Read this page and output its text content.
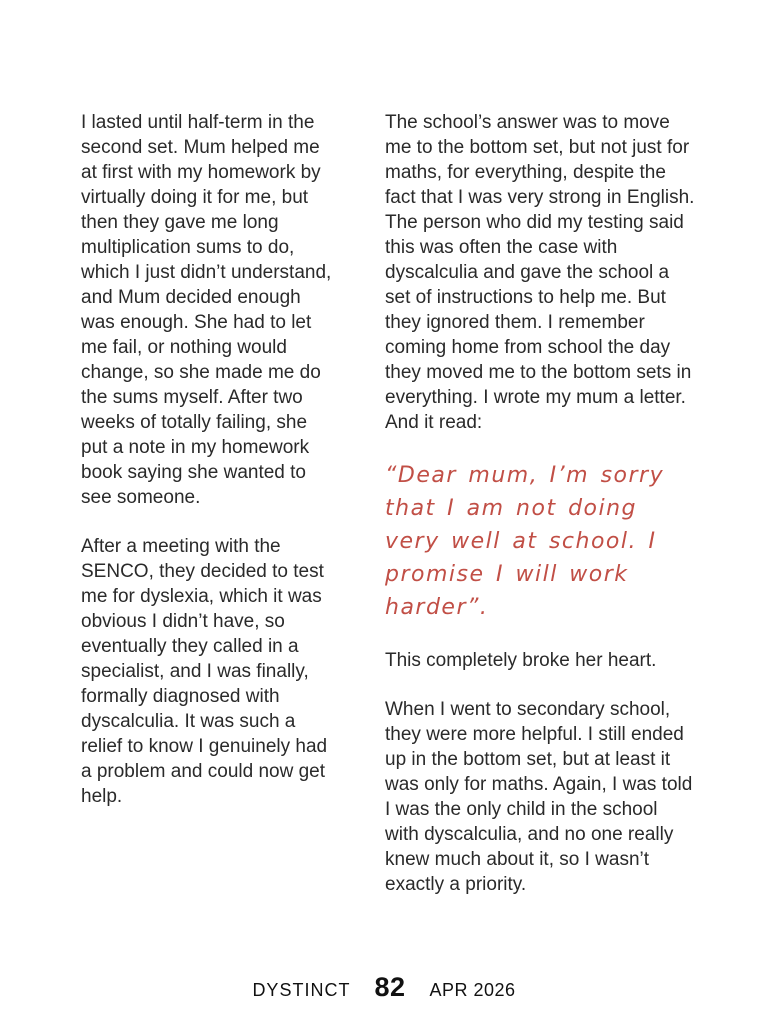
I lasted until half-term in the second set. Mum helped me at first with my homework by virtually doing it for me, but then they gave me long multiplication sums to do, which I just didn’t understand, and Mum decided enough was enough. She had to let me fail, or nothing would change, so she made me do the sums myself. After two weeks of totally failing, she put a note in my homework book saying she wanted to see someone.

After a meeting with the SENCO, they decided to test me for dyslexia, which it was obvious I didn’t have, so eventually they called in a specialist, and I was finally, formally diagnosed with dyscalculia. It was such a relief to know I genuinely had a problem and could now get help.

The school’s answer was to move me to the bottom set, but not just for maths, for everything, despite the fact that I was very strong in English. The person who did my testing said this was often the case with dyscalculia and gave the school a set of instructions to help me. But they ignored them. I remember coming home from school the day they moved me to the bottom sets in everything. I wrote my mum a letter. And it read:

“Dear mum, I’m sorry that I am not doing very well at school. I promise I will work harder”.

This completely broke her heart.

When I went to secondary school, they were more helpful. I still ended up in the bottom set, but at least it was only for maths. Again, I was told I was the only child in the school with dyscalculia, and no one really knew much about it, so I wasn’t exactly a priority.

DYSTINCT 82 APR 2026
